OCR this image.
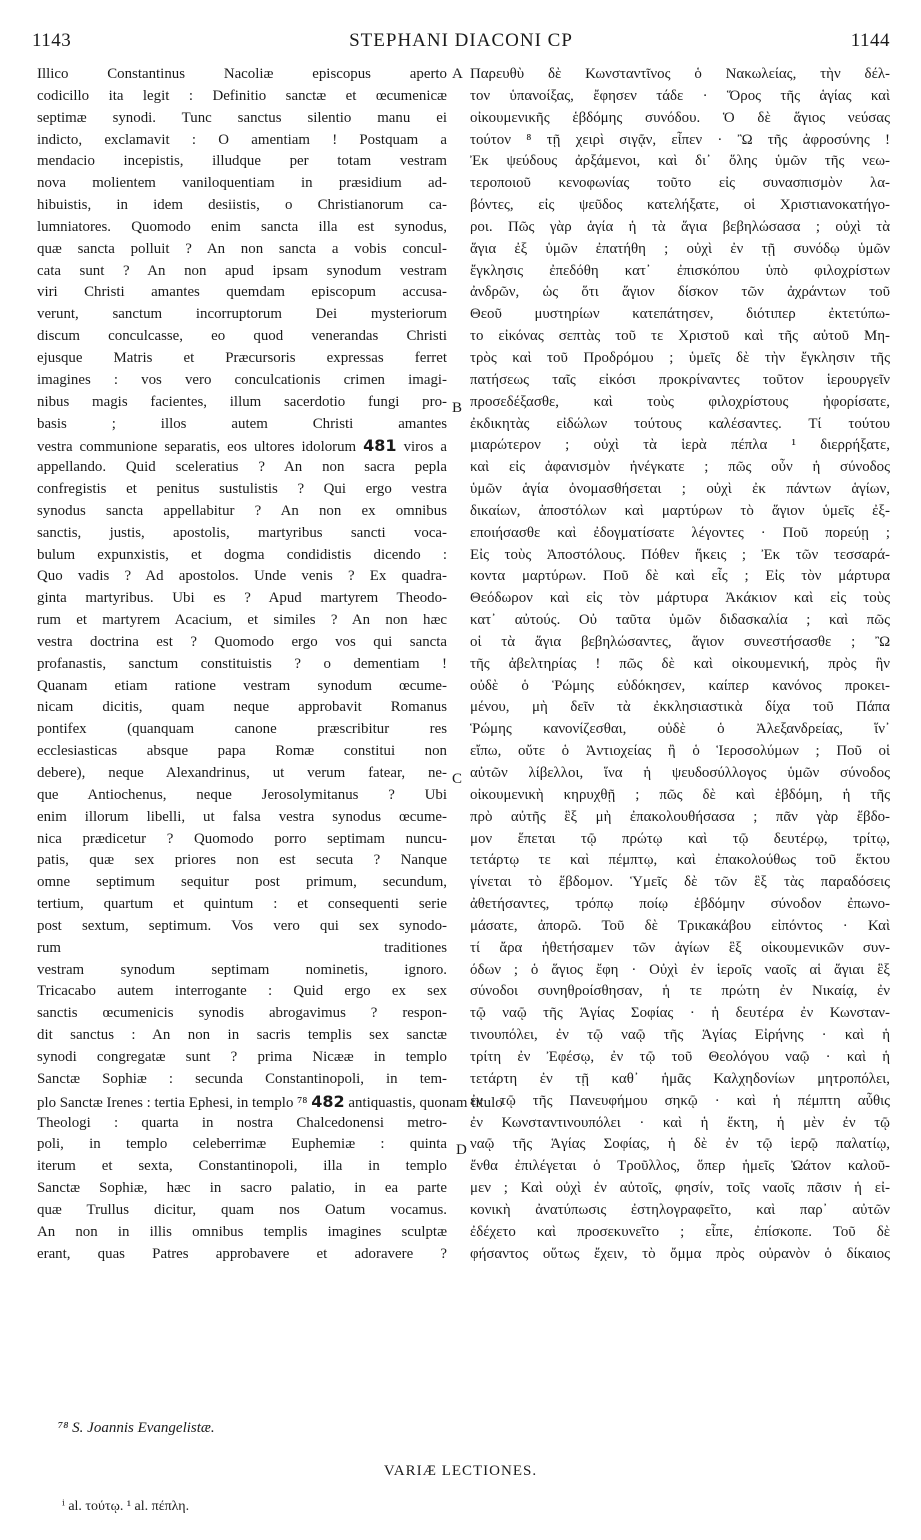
1143	STEPHANI DIACONI CP	1144
Illico Constantinus Nacoliæ episcopus aperto
codicillo ita legit : Definitio sanctæ et œcumenicæ
septimæ synodi. Tunc sanctus silentio manu ei
indicto, exclamavit : O amentiam ! Postquam a
mendacio incepistis, illudque per totam vestram
nova molientem vaniloquentiam in præsidium ad-
hibuistis, in idem desiistis, o Christianorum ca-
lumniatores. Quomodo enim sancta illa est synodus,
quæ sancta polluit ? An non sancta a vobis concul-
cata sunt ? An non apud ipsam synodum vestram
viri Christi amantes quemdam episcopum accusa-
verunt, sanctum incorruptorum Dei mysteriorum
discum conculcasse, eo quod venerandas Christi
ejusque Matris et Præcursoris expressas ferret
imagines : vos vero conculcationis crimen imagi-
nibus magis facientes, illum sacerdotio fungi pro-
basis ; illos autem Christi amantes
vestra communione separatis, eos ultores idolorum 481 viros a
appellando. Quid sceleratius ? An non sacra pepla
confregistis et penitus sustulistis ? Qui ergo vestra
synodus sancta appellabitur ? An non ex omnibus
sanctis, justis, apostolis, martyribus sancti voca-
bulum expunxistis, et dogma condidistis dicendo :
Quo vadis ? Ad apostolos. Unde venis ? Ex quadra-
ginta martyribus. Ubi es ? Apud martyrem Theodo-
rum et martyrem Acacium, et similes ? An non hæc
vestra doctrina est ? Quomodo ergo vos qui sancta
profanastis, sanctum constituistis ? o dementiam !
Quanam etiam ratione vestram synodum œcume-
nicam dicitis, quam neque approbavit Romanus
pontifex (quanquam canone præscribitur res
ecclesiasticas absque papa Romæ constitui non
debere), neque Alexandrinus, ut verum fatear, ne-
que Antiochenus, neque Jerosolymitanus ? Ubi
enim illorum libelli, ut falsa vestra synodus œcume-
nica prædicetur ? Quomodo porro septimam nuncu-
patis, quæ sex priores non est secuta ? Nanque
omne septimum sequitur post primum, secundum,
tertium, quartum et quintum : et consequenti serie
post sextum, septimum. Vos vero qui sex synodo-
rum traditiones
vestram synodum septimam nominetis, ignoro.
Tricacabo autem interrogante : Quid ergo ex sex
sanctis œcumenicis synodis abrogavimus ? respon-
dit sanctus : An non in sacris templis sex sanctæ
synodi congregatæ sunt ? prima Nicææ in templo
Sanctæ Sophiæ : secunda Constantinopoli, in tem-
plo Sanctæ Irenes : tertia Ephesi, in templo ⁷⁸ 482 antiquastis, quonam titulo
Theologi : quarta in nostra Chalcedonensi metro-
poli, in templo celeberrimæ Euphemiæ : quinta
iterum et sexta, Constantinopoli, illa in templo
Sanctæ Sophiæ, hæc in sacro palatio, in ea parte
quæ Trullus dicitur, quam nos Oatum vocamus.
An non in illis omnibus templis imagines sculptæ
erant, quas Patres approbavere et adoravere ?
Παρευθὺ δὲ Κωνσταντῖνος ὁ Νακωλείας, τὴν δέλ-
τον ὑπανοίξας, ἔφησεν τάδε · Ὅρος τῆς ἁγίας καὶ
οἰκουμενικῆς ἑβδόμης συνόδου. Ὁ δὲ ἅγιος νεύσας
τούτον ⁸ τῇ χειρὶ σιγᾷν, εἶπεν · Ὢ τῆς ἀφροσύνης !
Ἐκ ψεύδους ἀρξάμενοι, καὶ δι᾽ ὅλης ὑμῶν τῆς νεω-
τεροποιοῦ κενοφωνίας τοῦτο εἰς συνασπισμὸν λα-
βόντες, εἰς ψεῦδος κατελήξατε, οἱ Χριστιανοκατήγο-
ροι. Πῶς γὰρ ἁγία ἡ τὰ ἅγια βεβηλώσασα ; οὐχὶ τὰ
ἅγια ἐξ ὑμῶν ἐπατήθη ; οὐχὶ ἐν τῇ συνόδῳ ὑμῶν
ἔγκλησις ἐπεδόθη κατ᾽ ἐπισκόπου ὑπὸ φιλοχρίστων
ἀνδρῶν, ὡς ὅτι ἅγιον δίσκον τῶν ἀχράντων τοῦ
Θεοῦ μυστηρίων κατεπάτησεν, διότιπερ ἐκτετύπω-
το εἰκόνας σεπτὰς τοῦ τε Χριστοῦ καὶ τῆς αὐτοῦ Μη-
τρὸς καὶ τοῦ Προδρόμου ; ὑμεῖς δὲ τὴν ἔγκλησιν τῆς
πατήσεως ταῖς εἰκόσι προκρίναντες τοῦτον ἱερουργεῖν
προσεδέξασθε, καὶ τοὺς φιλοχρίστους ἠφορίσατε,
ἐκδικητὰς εἰδώλων τούτους καλέσαντες. Τί τούτου
μιαρώτερον ; οὐχὶ τὰ ἱερὰ πέπλα ¹ διερρήξατε,
καὶ εἰς ἀφανισμὸν ἠνέγκατε ; πῶς οὖν ἡ σύνοδος
ὑμῶν ἁγία ὀνομασθήσεται ; οὐχὶ ἐκ πάντων ἁγίων,
δικαίων, ἀποστόλων καὶ μαρτύρων τὸ ἅγιον ὑμεῖς ἐξ-
εποιήσασθε καὶ ἐδογματίσατε λέγοντες · Ποῦ πορεύῃ ;
Εἰς τοὺς Ἀποστόλους. Πόθεν ἥκεις ; Ἐκ τῶν τεσσαρά-
κοντα μαρτύρων. Ποῦ δὲ καὶ εἶς ; Εἰς τὸν μάρτυρα
Θεόδωρον καὶ εἰς τὸν μάρτυρα Ἀκάκιον καὶ εἰς τοὺς
κατ᾽ αὐτούς. Οὐ ταῦτα ὑμῶν διδασκαλία ; καὶ πῶς
οἱ τὰ ἅγια βεβηλώσαντες, ἅγιον συνεστήσασθε ; Ὢ
τῆς ἀβελτηρίας ! πῶς δὲ καὶ οἰκουμενική, πρὸς ἣν
οὐδὲ ὁ Ῥώμης εὐδόκησεν, καίπερ κανόνος προκει-
μένου, μὴ δεῖν τὰ ἐκκλησιαστικὰ δίχα τοῦ Πάπα
Ῥώμης κανονίζεσθαι, οὐδὲ ὁ Ἀλεξανδρείας, ἵν᾽
εἴπω, οὔτε ὁ Ἀντιοχείας ἢ ὁ Ἱεροσολύμων ; Ποῦ οἱ
αὐτῶν λίβελλοι, ἵνα ἡ ψευδοσύλλογος ὑμῶν σύνοδος
οἰκουμενικὴ κηρυχθῇ ; πῶς δὲ καὶ ἑβδόμη, ἡ τῆς
πρὸ αὐτῆς ἓξ μὴ ἐπακολουθήσασα ; πᾶν γὰρ ἕβδο-
μον ἕπεται τῷ πρώτῳ καὶ τῷ δευτέρῳ, τρίτῳ,
τετάρτῳ τε καὶ πέμπτῳ, καὶ ἐπακολούθως τοῦ ἕκτου
γίνεται τὸ ἕβδομον. Ὑμεῖς δὲ τῶν ἓξ τὰς παραδόσεις
ἀθετήσαντες, τρόπῳ ποίῳ ἑβδόμην σύνοδον ἐπωνο-
μάσατε, ἀπορῶ. Τοῦ δὲ Τρικακάβου εἰπόντος · Καὶ
τί ἄρα ἠθετήσαμεν τῶν ἁγίων ἓξ οἰκουμενικῶν συν-
όδων ; ὁ ἅγιος ἔφη · Οὐχὶ ἐν ἱεροῖς ναοῖς αἱ ἅγιαι ἓξ
σύνοδοι συνηθροίσθησαν, ἡ τε πρώτη ἐν Νικαίᾳ, ἐν
τῷ ναῷ τῆς Ἁγίας Σοφίας · ἡ δευτέρα ἐν Κωνσταν-
τινουπόλει, ἐν τῷ ναῷ τῆς Ἁγίας Εἰρήνης · καὶ ἡ
τρίτη ἐν Ἐφέσῳ, ἐν τῷ τοῦ Θεολόγου ναῷ · καὶ ἡ
τετάρτη ἐν τῇ καθ᾽ ἡμᾶς Καλχηδονίων μητροπόλει,
ἐν τῷ τῆς Πανευφήμου σηκῷ · καὶ ἡ πέμπτη αὖθις
ἐν Κωνσταντινουπόλει · καὶ ἡ ἕκτη, ἡ μὲν ἐν τῷ
ναῷ τῆς Ἁγίας Σοφίας, ἡ δὲ ἐν τῷ ἱερῷ παλατίῳ,
ἔνθα ἐπιλέγεται ὁ Τροῦλλος, ὅπερ ἡμεῖς Ὠάτον καλοῦ-
μεν ; Καὶ οὐχὶ ἐν αὐτοῖς, φησίν, τοῖς ναοῖς πᾶσιν ἡ εἰ-
κονικὴ ἀνατύπωσις ἐστηλογραφεῖτο, καὶ παρ᾽ αὐτῶν
ἐδέχετο καὶ προσεκυνεῖτο ; εἶπε, ἐπίσκοπε. Τοῦ δὲ
φήσαντος οὕτως ἔχειν, τὸ ὄμμα πρὸς οὐρανὸν ὁ δίκαιος
A
B
C
D
⁷⁸ S. Joannis Evangelistæ.
VARIÆ LECTIONES.
ⁱ al. τούτῳ. ¹ al. πέπλη.
